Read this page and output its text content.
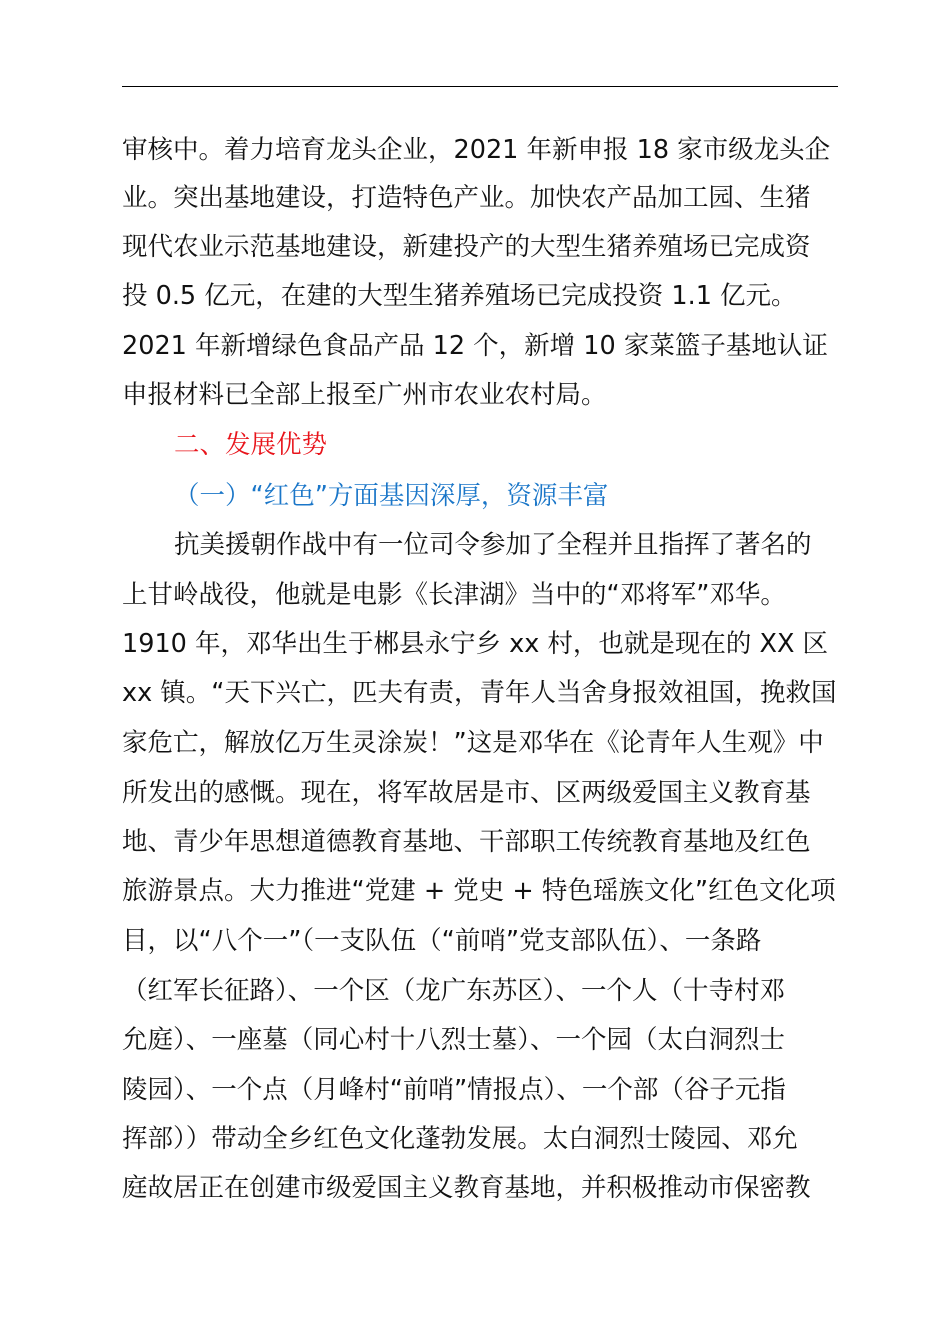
审核中。着力培育龙头企业，2021 年新申报 18 家市级龙头企
业。突出基地建设，打造特色产业。加快农产品加工园、生猪
现代农业示范基地建设，新建投产的大型生猪养殖场已完成资
投 0.5 亿元，在建的大型生猪养殖场已完成投资 1.1 亿元。
2021 年新增绿色食品产品 12 个，新增 10 家菜篮子基地认证
申报材料已全部上报至广州市农业农村局。
二、发展优势
（一）“红色”方面基因深厚，资源丰富
抗美援朝作战中有一位司令参加了全程并且指挥了著名的
上甘岭战役，他就是电影《长津湖》当中的“邓将军”邓华。
1910 年，邓华出生于郴县永宁乡 xx 村，也就是现在的 XX 区
xx 镇。“天下兴亡，匹夫有责，青年人当舍身报效祖国，挽救国
家危亡，解放亿万生灵涂炭！”这是邓华在《论青年人生观》中
所发出的感慨。现在，将军故居是市、区两级爱国主义教育基
地、青少年思想道德教育基地、干部职工传统教育基地及红色
旅游景点。大力推进“党建 + 党史 + 特色瑶族文化”红色文化项
目，以“八个一”（一支队伍（“前哨”党支部队伍）、一条路
（红军长征路）、一个区（龙广东苏区）、一个人（十寺村邓
允庭）、一座墓（同心村十八烈士墓）、一个园（太白洞烈士
陵园）、一个点（月峰村“前哨”情报点）、一个部（谷子元指
挥部））带动全乡红色文化蓬勃发展。太白洞烈士陵园、邓允
庭故居正在创建市级爱国主义教育基地，并积极推动市保密教
